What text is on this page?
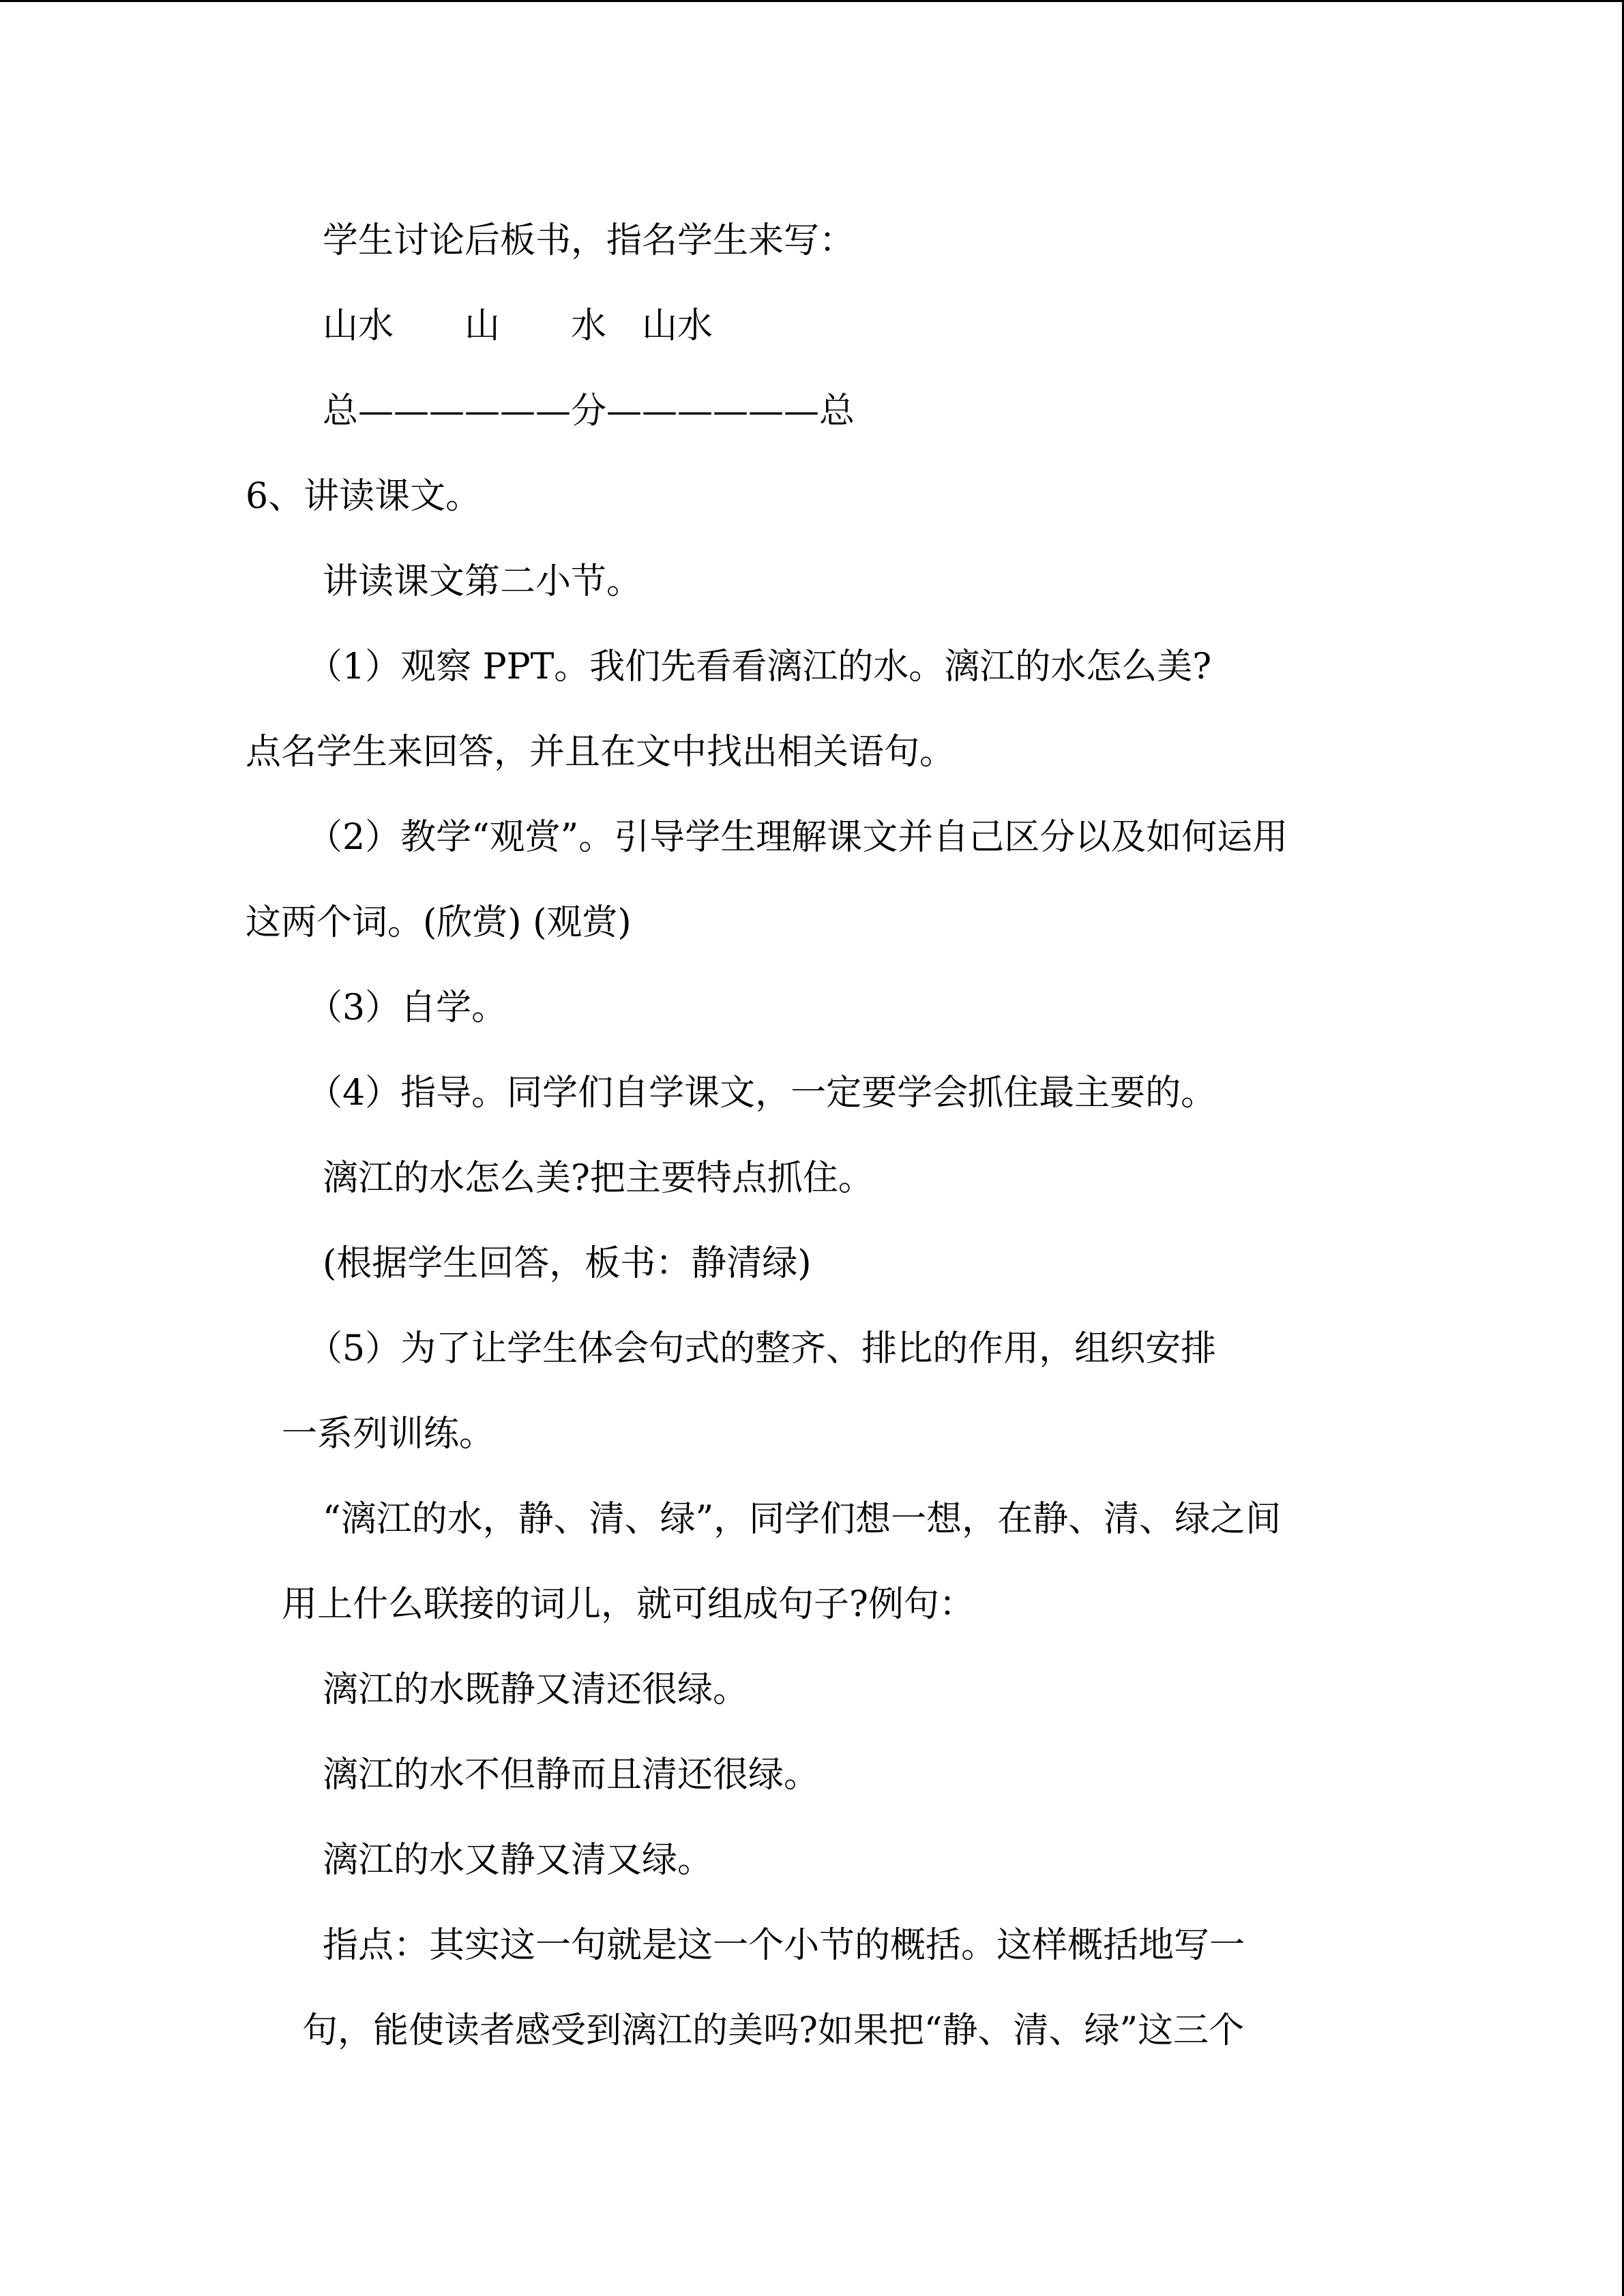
学生讨论后板书，指名学生来写：
山水　　山　　水　山水
总——————分——————总
6、讲读课文。
讲读课文第二小节。
（1）观察 PPT。我们先看看漓江的水。漓江的水怎么美?
点名学生来回答，并且在文中找出相关语句。
（2）教学“观赏”。引导学生理解课文并自己区分以及如何运用
这两个词。(欣赏) (观赏)
（3）自学。
（4）指导。同学们自学课文，一定要学会抓住最主要的。
漓江的水怎么美?把主要特点抓住。
(根据学生回答，板书：静清绿)
（5）为了让学生体会句式的整齐、排比的作用，组织安排
一系列训练。
“漓江的水，静、清、绿”，同学们想一想，在静、清、绿之间
用上什么联接的词儿，就可组成句子?例句：
漓江的水既静又清还很绿。
漓江的水不但静而且清还很绿。
漓江的水又静又清又绿。
指点：其实这一句就是这一个小节的概括。这样概括地写一
句，能使读者感受到漓江的美吗?如果把“静、清、绿”这三个
